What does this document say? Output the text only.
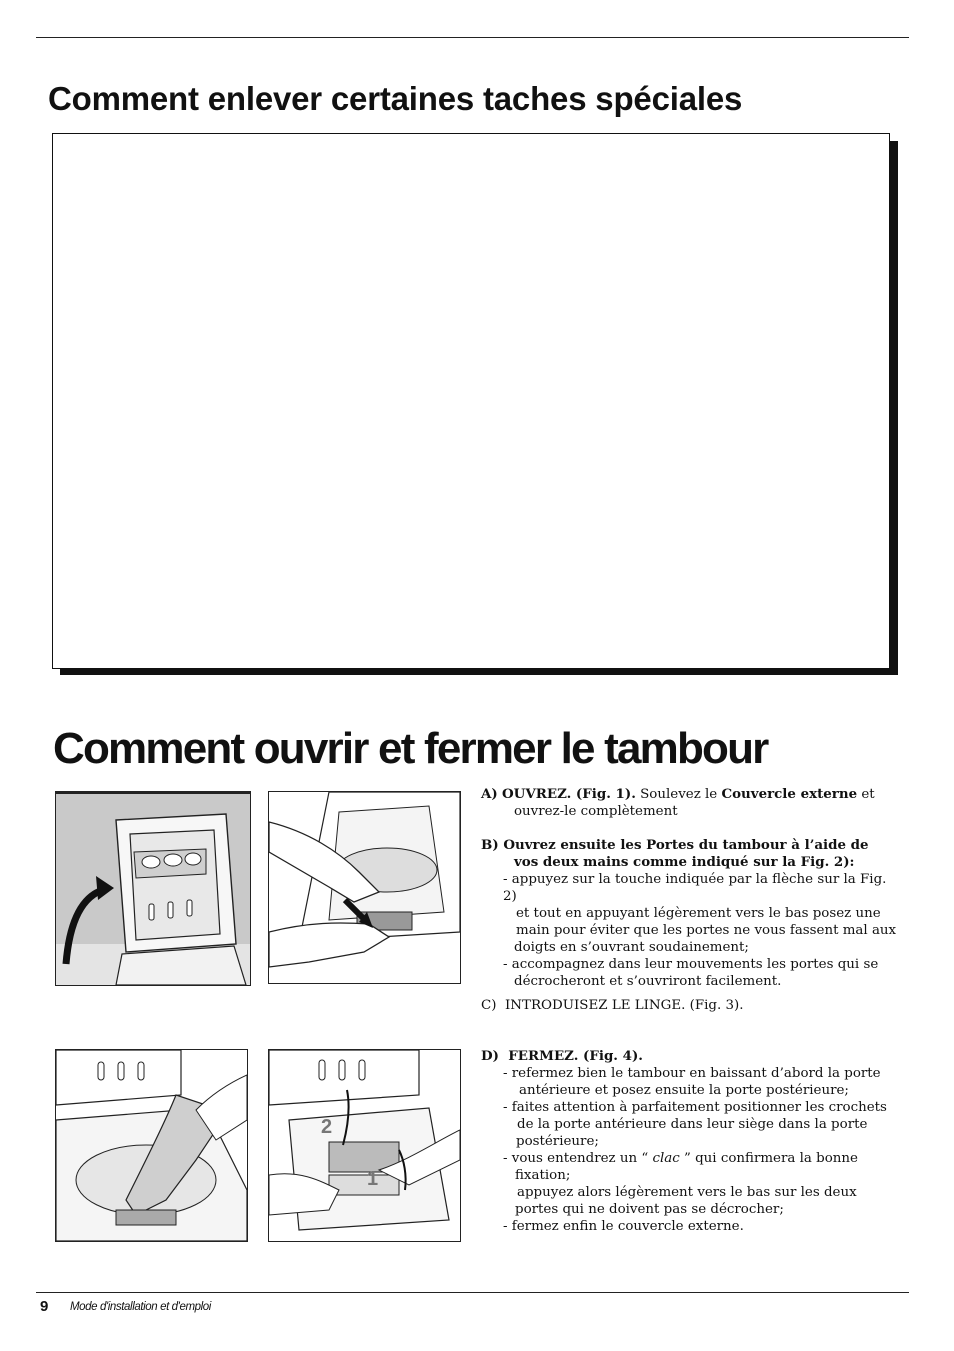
Comment enlever certaines taches spéciales
Comment ouvrir et fermer le tambour
2
1

A) OUVREZ. (Fig. 1). Soulevez le Couvercle externe et

ouvrez-le complètement

B) Ouvrez ensuite les Portes du tambour à l’aide de

vos deux mains comme indiqué sur la Fig. 2):

- appuyez sur la touche indiquée par la flèche sur la Fig. 2)

et tout en appuyant légèrement vers le bas posez une

main pour éviter que les portes ne vous fassent mal aux

doigts en s’ouvrant soudainement;

- accompagnez dans leur mouvements les portes qui se

décrocheront et s’ouvriront facilement.

C) INTRODUISEZ LE LINGE. (Fig. 3).

D) FERMEZ. (Fig. 4).

- refermez bien le tambour en baissant d’abord la porte

antérieure et posez ensuite la porte postérieure;

- faites attention à parfaitement positionner les crochets

de la porte antérieure dans leur siège dans la porte

postérieure;

- vous entendrez un “ clac ” qui confirmera la bonne

fixation;

appuyez alors légèrement vers le bas sur les deux

portes qui ne doivent pas se décrocher;

- fermez enfin le couvercle externe.

9 Mode d'installation et d'emploi
